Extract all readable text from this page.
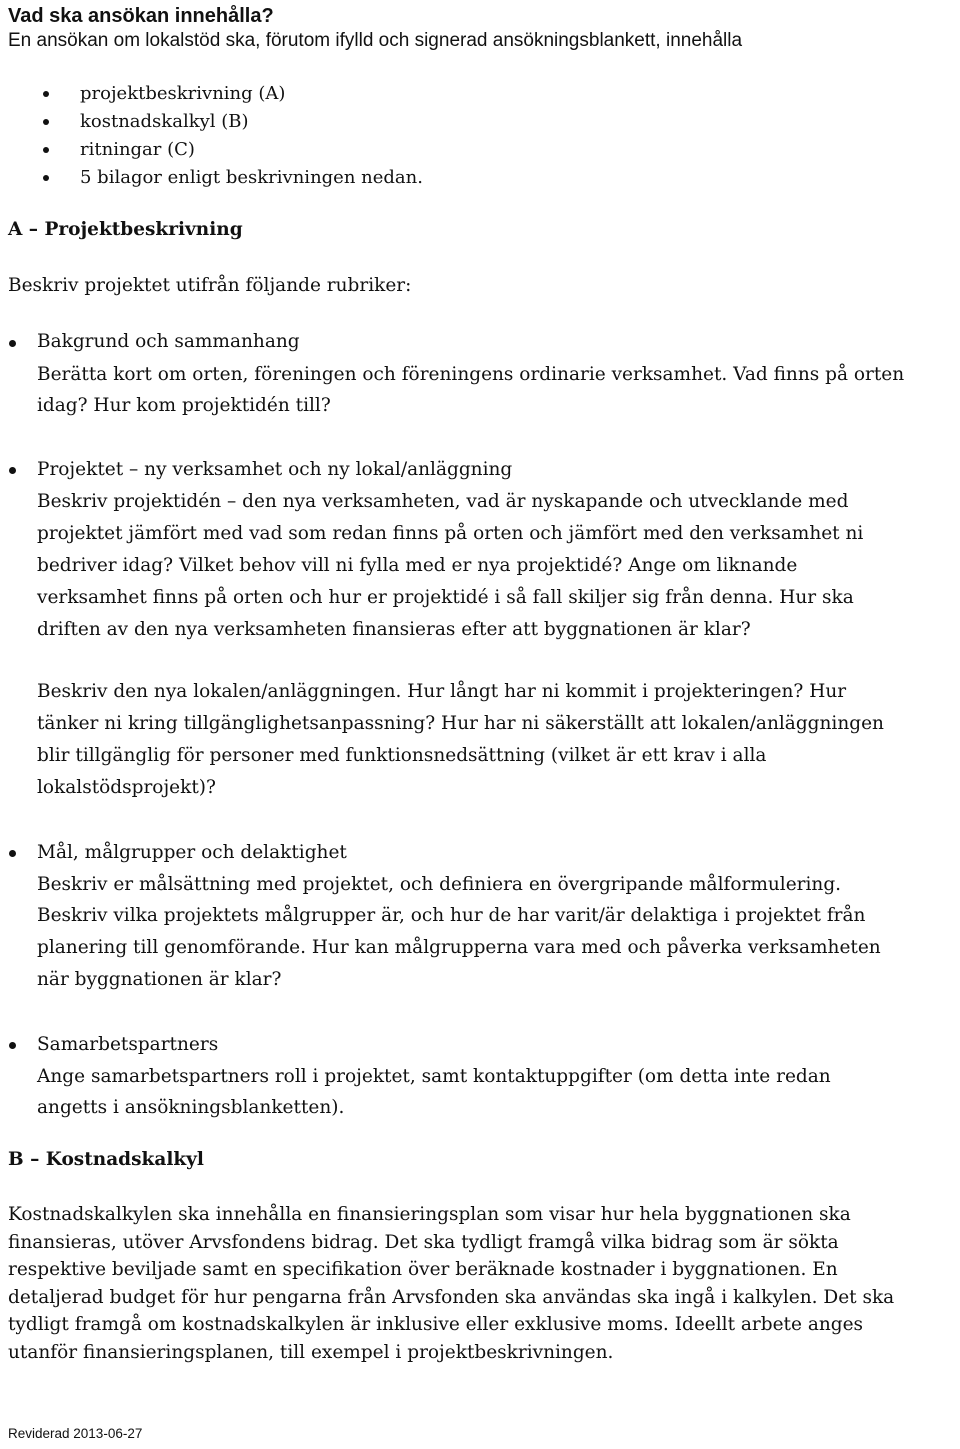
Vad ska ansökan innehålla?
En ansökan om lokalstöd ska, förutom ifylld och signerad ansökningsblankett, innehålla
projektbeskrivning (A)
kostnadskalkyl (B)
ritningar (C)
5 bilagor enligt beskrivningen nedan.
A – Projektbeskrivning
Beskriv projektet utifrån följande rubriker:
Bakgrund och sammanhang
Berätta kort om orten, föreningen och föreningens ordinarie verksamhet. Vad finns på orten
idag? Hur kom projektidén till?
Projektet – ny verksamhet och ny lokal/anläggning
Beskriv projektidén – den nya verksamheten, vad är nyskapande och utvecklande med
projektet jämfört med vad som redan finns på orten och jämfört med den verksamhet ni
bedriver idag? Vilket behov vill ni fylla med er nya projektidé? Ange om liknande
verksamhet finns på orten och hur er projektidé i så fall skiljer sig från denna. Hur ska
driften av den nya verksamheten finansieras efter att byggnationen är klar?
Beskriv den nya lokalen/anläggningen. Hur långt har ni kommit i projekteringen? Hur
tänker ni kring tillgänglighetsanpassning? Hur har ni säkerställt att lokalen/anläggningen
blir tillgänglig för personer med funktionsnedsättning (vilket är ett krav i alla
lokalstödsprojekt)?
Mål, målgrupper och delaktighet
Beskriv er målsättning med projektet, och definiera en övergripande målformulering.
Beskriv vilka projektets målgrupper är, och hur de har varit/är delaktiga i projektet från
planering till genomförande. Hur kan målgrupperna vara med och påverka verksamheten
när byggnationen är klar?
Samarbetspartners
Ange samarbetspartners roll i projektet, samt kontaktuppgifter (om detta inte redan
angetts i ansökningsblanketten).
B – Kostnadskalkyl
Kostnadskalkylen ska innehålla en finansieringsplan som visar hur hela byggnationen ska
finansieras, utöver Arvsfondens bidrag. Det ska tydligt framgå vilka bidrag som är sökta
respektive beviljade samt en specifikation över beräknade kostnader i byggnationen. En
detaljerad budget för hur pengarna från Arvsfonden ska användas ska ingå i kalkylen. Det ska
tydligt framgå om kostnadskalkylen är inklusive eller exklusive moms. Ideellt arbete anges
utanför finansieringsplanen, till exempel i projektbeskrivningen.
Reviderad 2013-06-27
